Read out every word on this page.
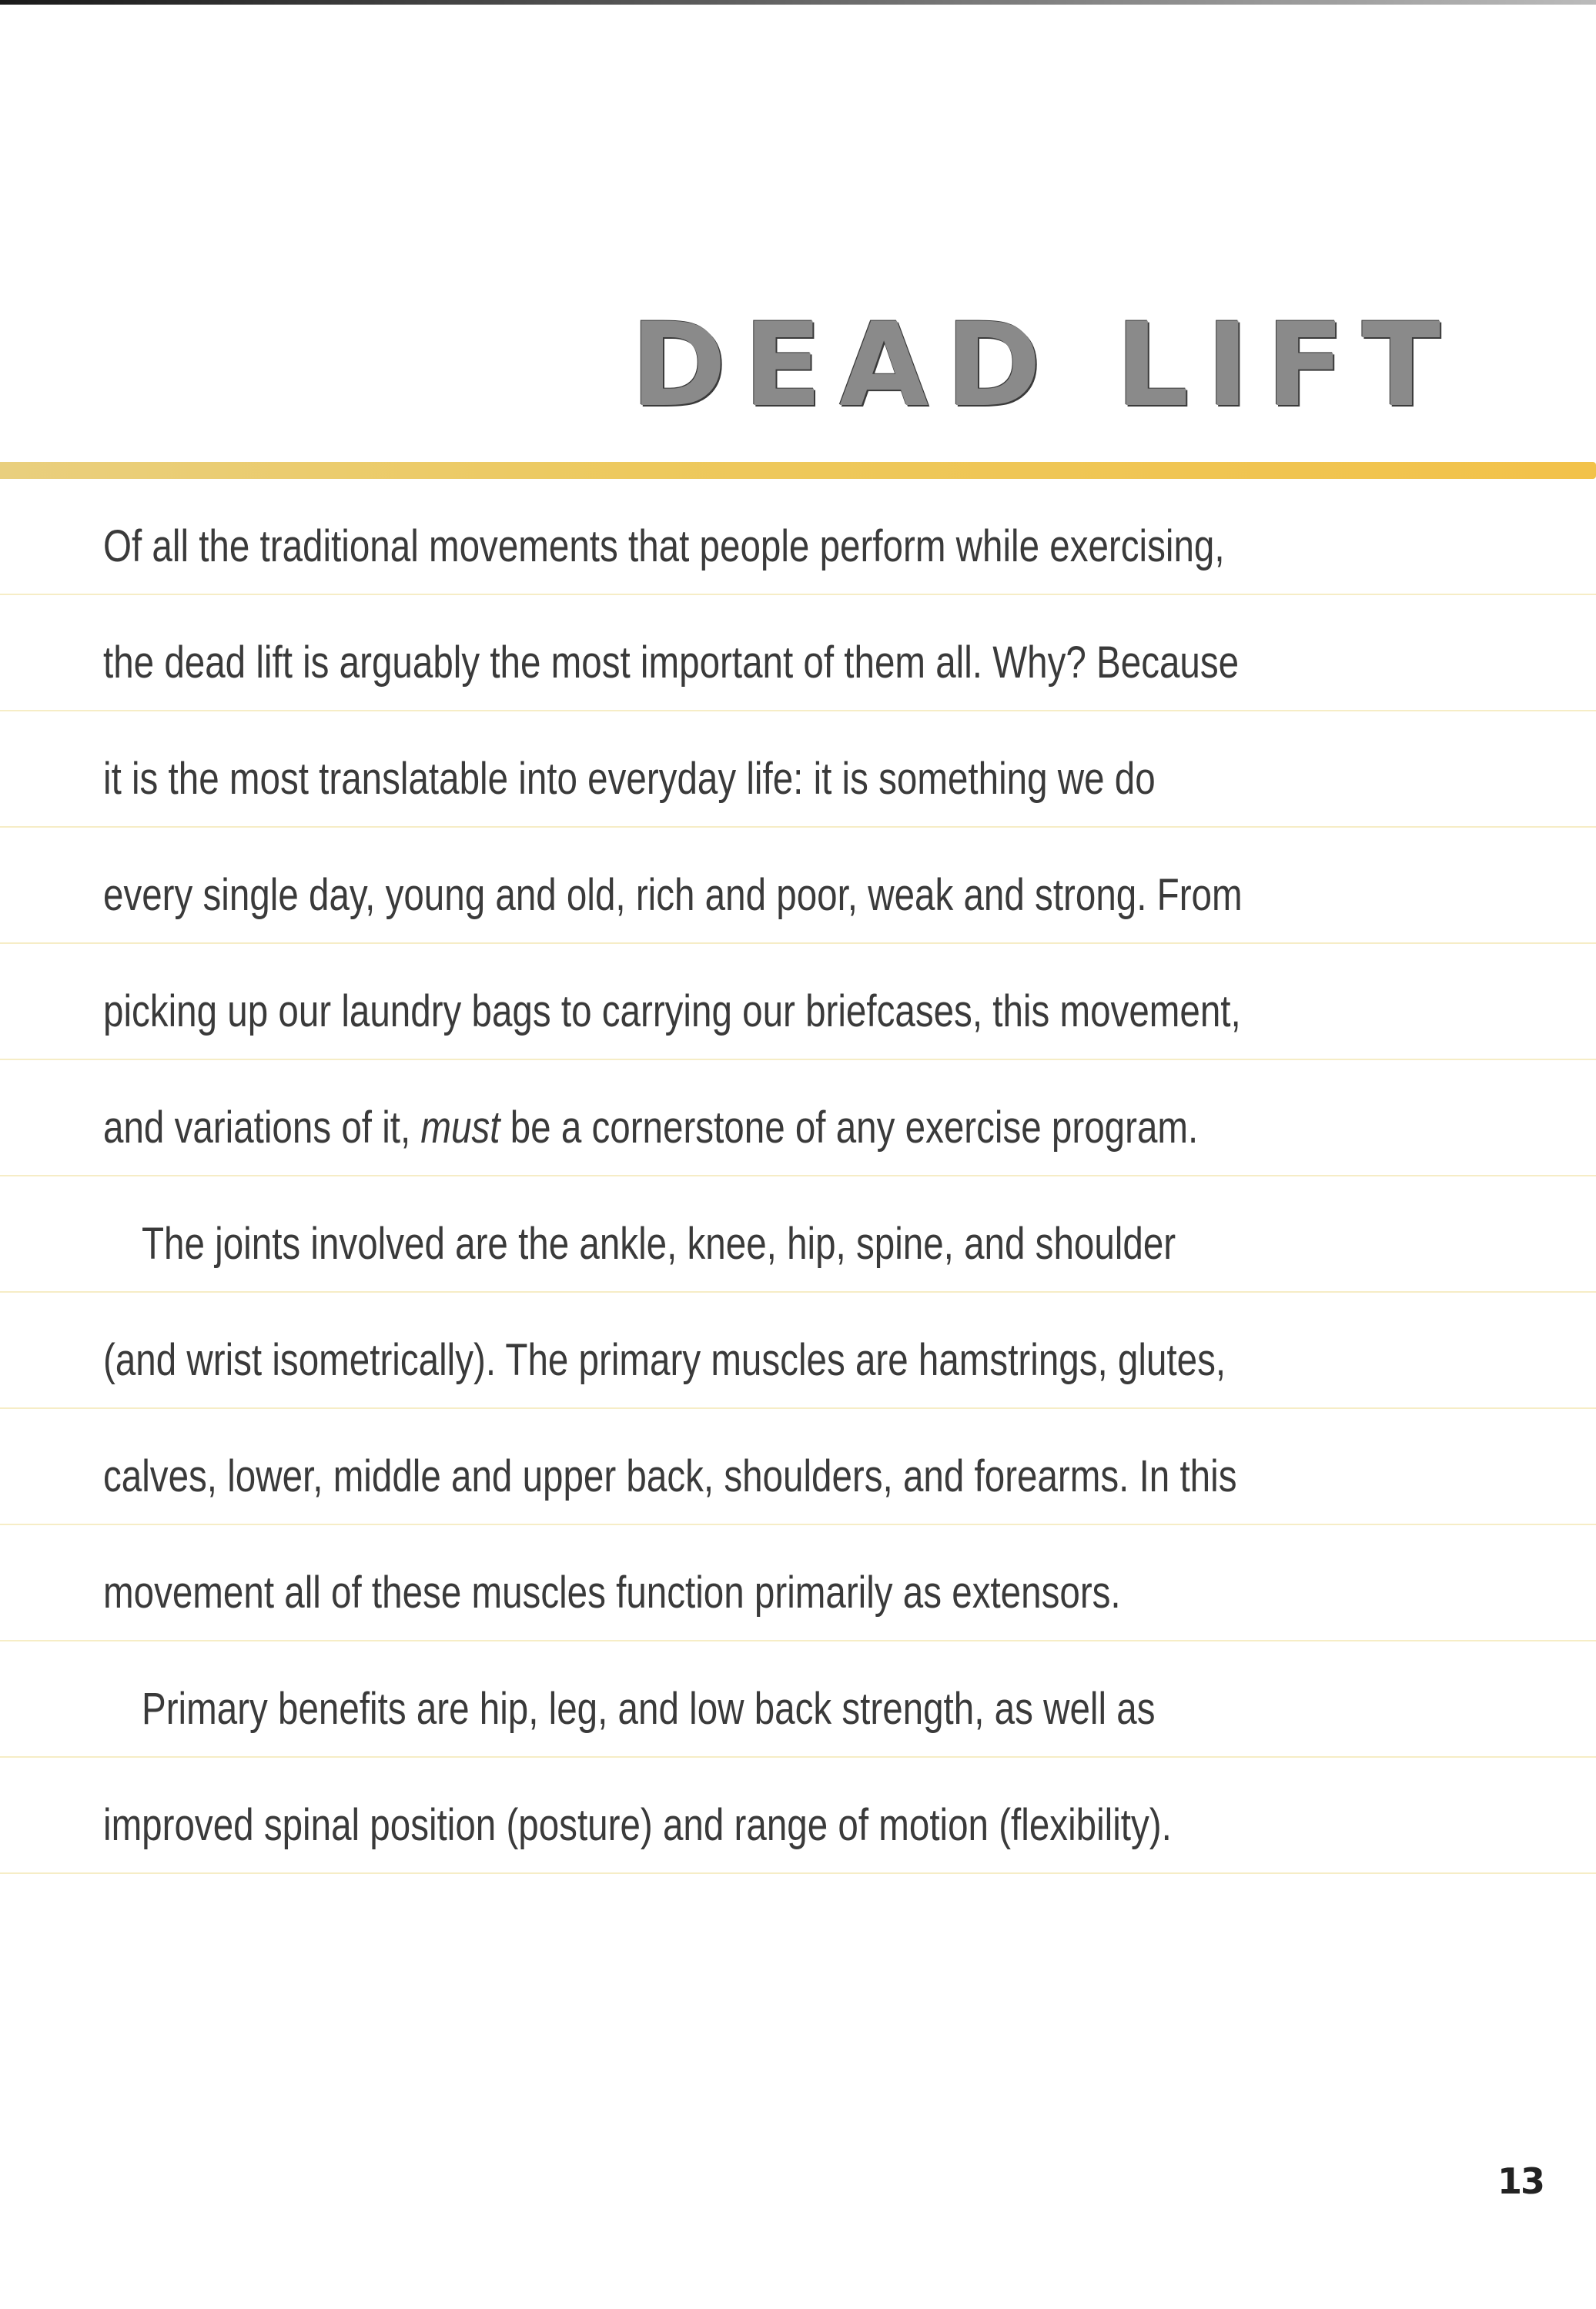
DEAD LIFT
Of all the traditional movements that people perform while exercising,
the dead lift is arguably the most important of them all. Why? Because
it is the most translatable into everyday life: it is something we do
every single day, young and old, rich and poor, weak and strong. From
picking up our laundry bags to carrying our briefcases, this movement,
and variations of it, must be a cornerstone of any exercise program.
The joints involved are the ankle, knee, hip, spine, and shoulder
(and wrist isometrically). The primary muscles are hamstrings, glutes,
calves, lower, middle and upper back, shoulders, and forearms. In this
movement all of these muscles function primarily as extensors.
Primary benefits are hip, leg, and low back strength, as well as
improved spinal position (posture) and range of motion (flexibility).
13
